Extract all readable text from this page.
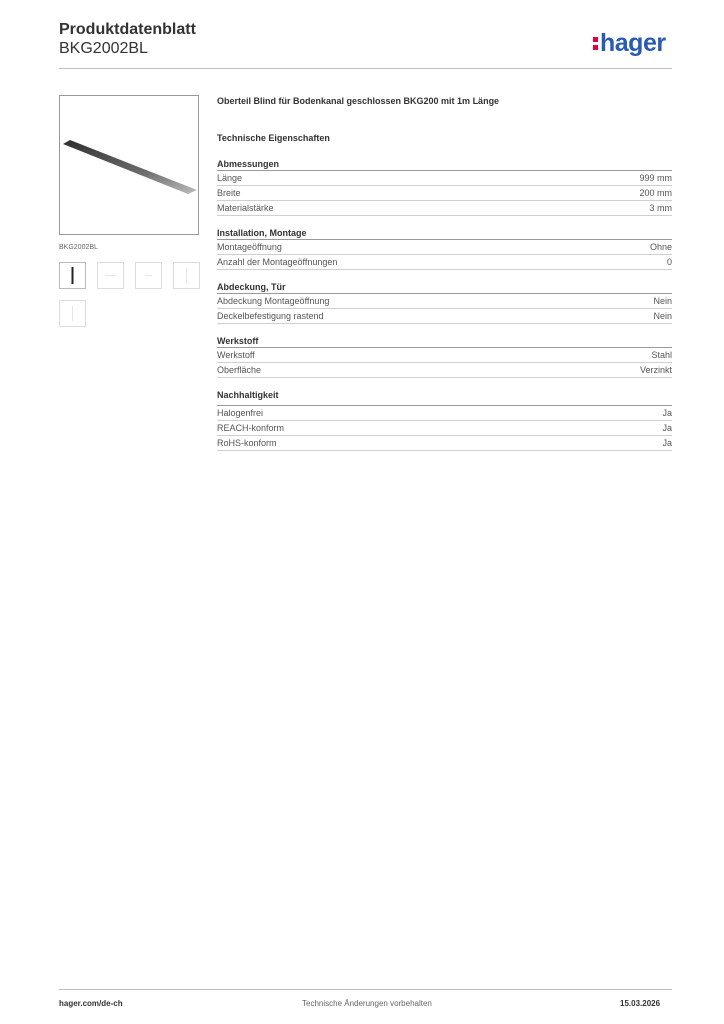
Produktdatenblatt
BKG2002BL	hager
BKG2002BL
Oberteil Blind für Bodenkanal geschlossen BKG200 mit 1m Länge
Technische Eigenschaften
Abmessungen
Länge	999 mm
Breite	200 mm
Materialstärke	3 mm
Installation, Montage
Montageöffnung	Ohne
Anzahl der Montageöffnungen	0
Abdeckung, Tür
Abdeckung Montageöffnung	Nein
Deckelbefestigung rastend	Nein
Werkstoff
Werkstoff	Stahl
Oberfläche	Verzinkt
Nachhaltigkeit
Halogenfrei	Ja
REACH-konform	Ja
RoHS-konform	Ja
hager.com/de-ch	Technische Änderungen vorbehalten	15.03.2026
